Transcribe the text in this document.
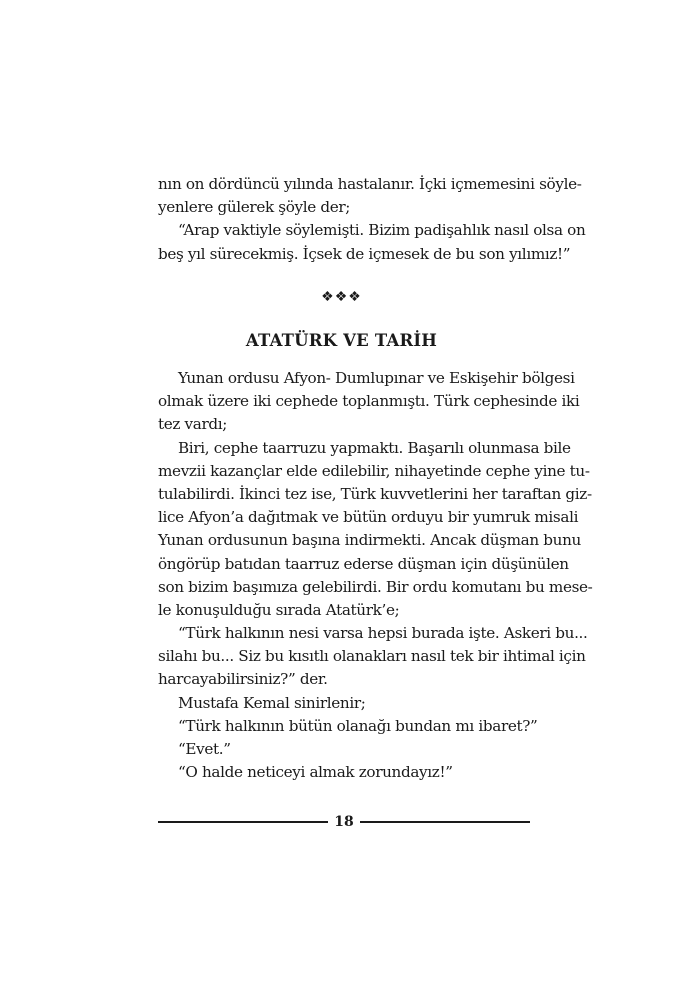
nın on dördüncü yılında hastalanır. İçki içmemesini söyle-
yenlere gülerek şöyle der;
“Arap vaktiyle söylemişti. Bizim padişahlık nasıl olsa on
beş yıl sürecekmiş. İçsek de içmesek de bu son yılımız!”
❖❖❖
ATATÜRK VE TARİH
Yunan ordusu Afyon- Dumlupınar ve Eskişehir bölgesi
olmak üzere iki cephede toplanmıştı. Türk cephesinde iki
tez vardı;
Biri, cephe taarruzu yapmaktı. Başarılı olunmasa bile
mevzii kazançlar elde edilebilir, nihayetinde cephe yine tu-
tulabilirdi. İkinci tez ise, Türk kuvvetlerini her taraftan giz-
lice Afyon’a dağıtmak ve bütün orduyu bir yumruk misali
Yunan ordusunun başına indirmekti. Ancak düşman bunu
öngörüp batıdan taarruz ederse düşman için düşünülen
son bizim başımıza gelebilirdi. Bir ordu komutanı bu mese-
le konuşulduğu sırada Atatürk’e;
“Türk halkının nesi varsa hepsi burada işte. Askeri bu...
silahı bu... Siz bu kısıtlı olanakları nasıl tek bir ihtimal için
harcayabilirsiniz?” der.
Mustafa Kemal sinirlenir;
“Türk halkının bütün olanağı bundan mı ibaret?”
“Evet.”
“O halde neticeyi almak zorundayız!”
18
